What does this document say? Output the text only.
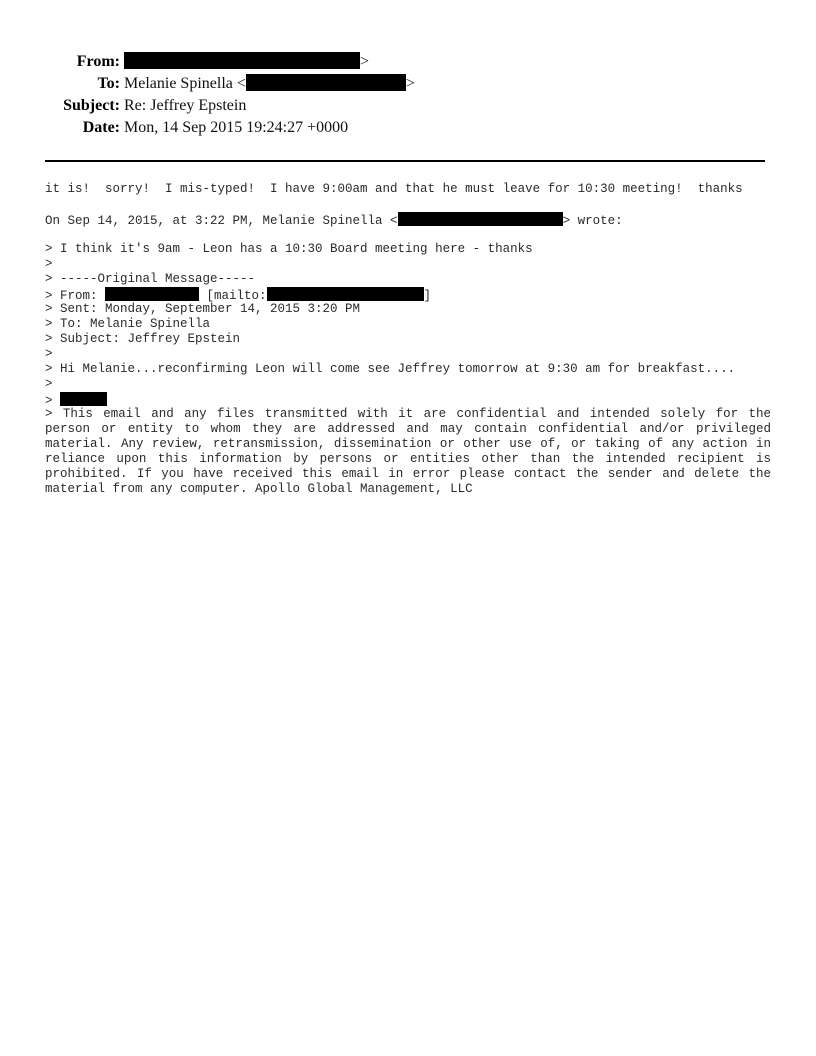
From:	>
To: Melanie Spinella <	>
Subject: Re: Jeffrey Epstein
Date: Mon, 14 Sep 2015 19:24:27 +0000
it is!  sorry!  I mis-typed!  I have 9:00am and that he must leave for 10:30 meeting!  thanks
On Sep 14, 2015, at 3:22 PM, Melanie Spinella <	> wrote:
> I think it's 9am - Leon has a 10:30 Board meeting here - thanks
>
> -----Original Message-----
> From:	[mailto:	]
> Sent: Monday, September 14, 2015 3:20 PM
> To: Melanie Spinella
> Subject: Jeffrey Epstein
>
> Hi Melanie...reconfirming Leon will come see Jeffrey tomorrow at 9:30 am for breakfast....
>
>
> This email and any files transmitted with it are confidential and intended solely for the person or entity to whom they are addressed and may contain confidential and/or privileged material. Any review, retransmission, dissemination or other use of, or taking of any action in reliance upon this information by persons or entities other than the intended recipient is prohibited. If you have received this email in error please contact the sender and delete the material from any computer. Apollo Global Management, LLC
